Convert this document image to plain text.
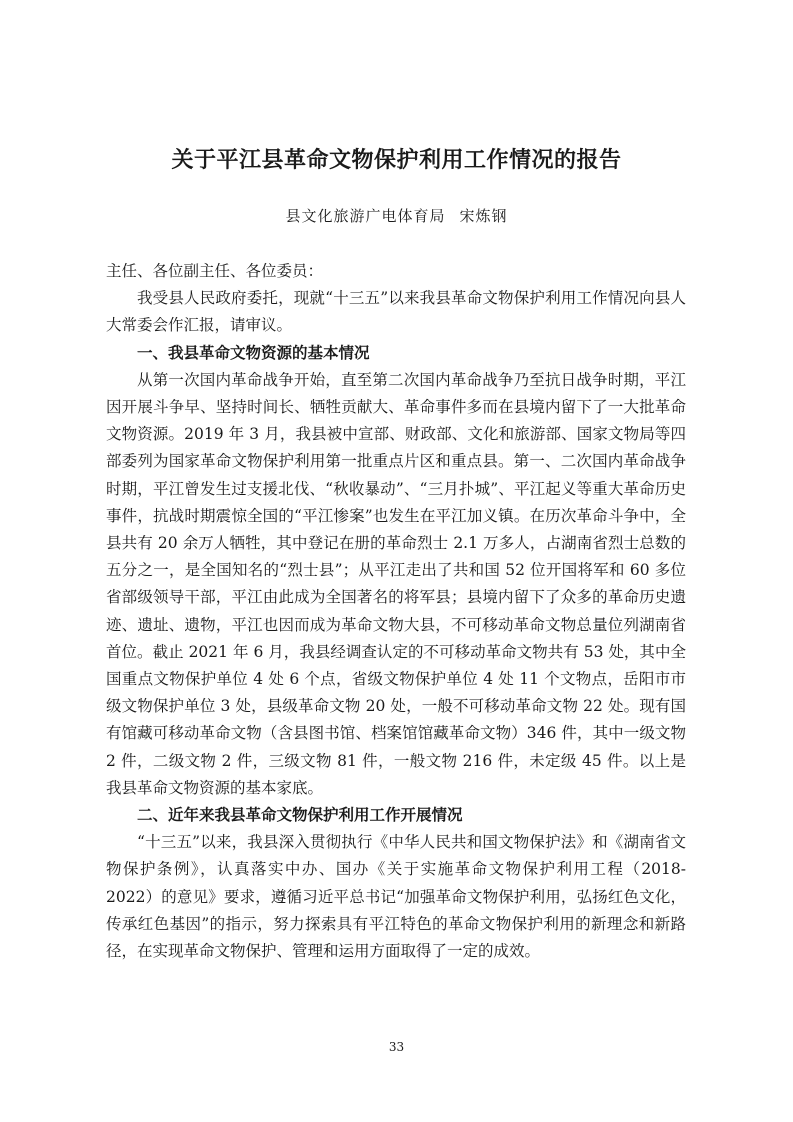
关于平江县革命文物保护利用工作情况的报告

县文化旅游广电体育局 宋炼钢

主任、各位副主任、各位委员：

我受县人民政府委托，现就“十三五”以来我县革命文物保护利用工作情况向县人大常委会作汇报，请审议。

一、我县革命文物资源的基本情况

从第一次国内革命战争开始，直至第二次国内革命战争乃至抗日战争时期，平江因开展斗争早、坚持时间长、牺牲贡献大、革命事件多而在县境内留下了一大批革命文物资源。2019 年 3 月，我县被中宣部、财政部、文化和旅游部、国家文物局等四部委列为国家革命文物保护利用第一批重点片区和重点县。第一、二次国内革命战争时期，平江曾发生过支援北伐、“秋收暴动”、“三月扑城”、平江起义等重大革命历史事件，抗战时期震惊全国的“平江惨案”也发生在平江加义镇。在历次革命斗争中，全县共有 20 余万人牺牲，其中登记在册的革命烈士 2.1 万多人，占湖南省烈士总数的五分之一，是全国知名的“烈士县”；从平江走出了共和国 52 位开国将军和 60 多位省部级领导干部，平江由此成为全国著名的将军县；县境内留下了众多的革命历史遗迹、遗址、遗物，平江也因而成为革命文物大县，不可移动革命文物总量位列湖南省首位。截止 2021 年 6 月，我县经调查认定的不可移动革命文物共有 53 处，其中全国重点文物保护单位 4 处 6 个点，省级文物保护单位 4 处 11 个文物点，岳阳市市级文物保护单位 3 处，县级革命文物 20 处，一般不可移动革命文物 22 处。现有国有馆藏可移动革命文物（含县图书馆、档案馆馆藏革命文物）346 件，其中一级文物 2 件，二级文物 2 件，三级文物 81 件，一般文物 216 件，未定级 45 件。以上是我县革命文物资源的基本家底。

二、近年来我县革命文物保护利用工作开展情况

“十三五”以来，我县深入贯彻执行《中华人民共和国文物保护法》和《湖南省文物保护条例》，认真落实中办、国办《关于实施革命文物保护利用工程（2018-2022）的意见》要求，遵循习近平总书记“加强革命文物保护利用，弘扬红色文化，传承红色基因”的指示，努力探索具有平江特色的革命文物保护利用的新理念和新路径，在实现革命文物保护、管理和运用方面取得了一定的成效。

33
